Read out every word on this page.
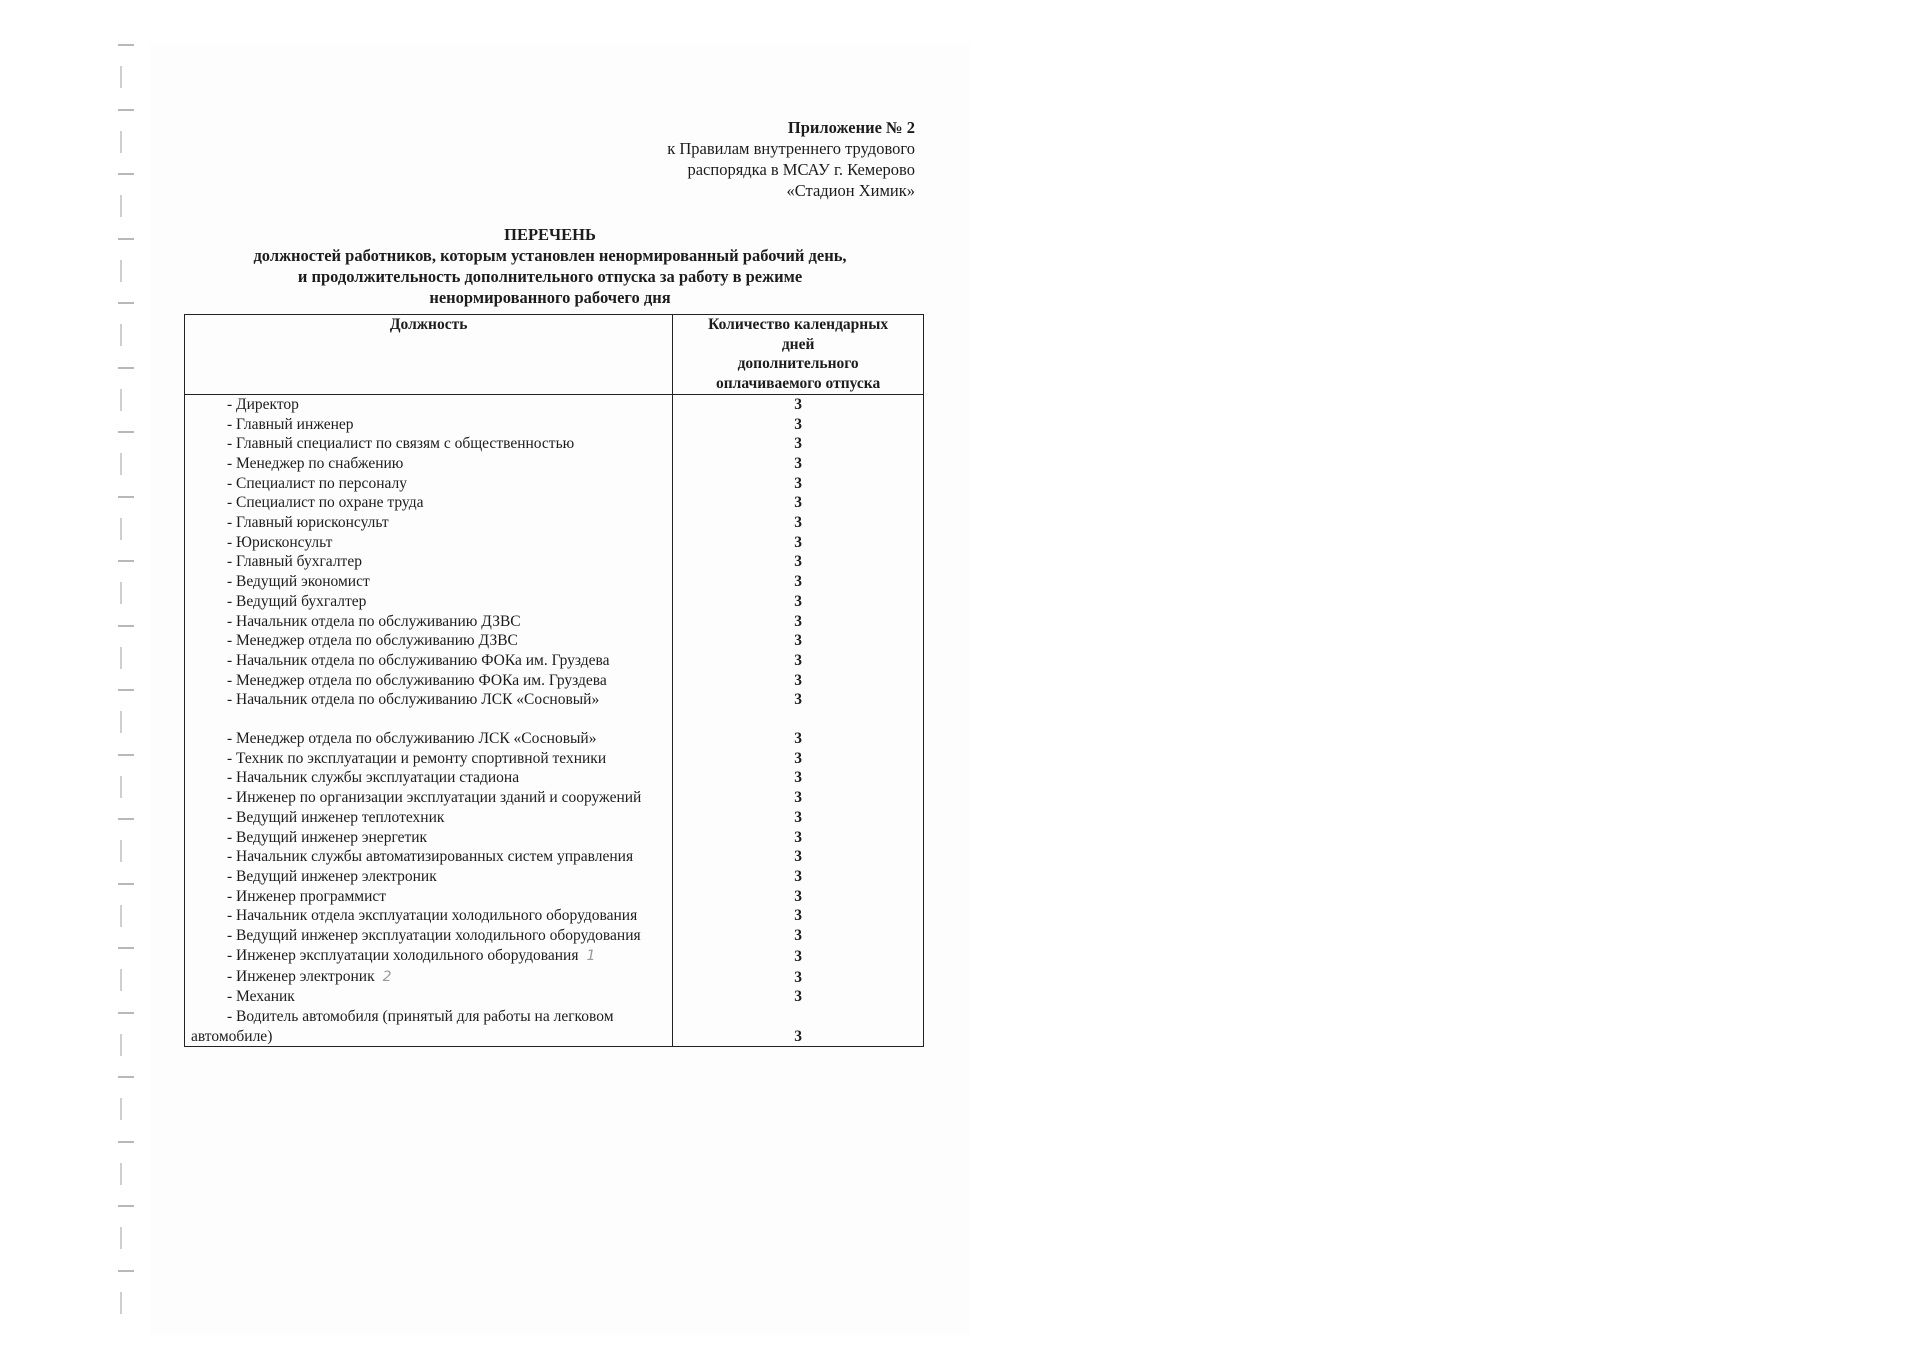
Приложение № 2
к Правилам внутреннего трудового
распорядка в МСАУ г. Кемерово
«Стадион Химик»
ПЕРЕЧЕНЬ
должностей работников, которым установлен ненормированный рабочий день,
и продолжительность дополнительного отпуска за работу в режиме
ненормированного рабочего дня
Должность	Количество календарных
дней
дополнительного
оплачиваемого отпуска

- Директор	3
- Главный инженер	3
- Главный специалист по связям с общественностью	3
- Менеджер по снабжению	3
- Специалист по персоналу	3
- Специалист по охране труда	3
- Главный юрисконсульт	3
- Юрисконсульт	3
- Главный бухгалтер	3
- Ведущий экономист	3
- Ведущий бухгалтер	3
- Начальник отдела по обслуживанию ДЗВС	3
- Менеджер отдела по обслуживанию ДЗВС	3
- Начальник отдела по обслуживанию ФОКа им. Груздева	3
- Менеджер отдела по обслуживанию ФОКа им. Груздева	3
- Начальник отдела по обслуживанию ЛСК «Сосновый»	3

- Менеджер отдела по обслуживанию ЛСК «Сосновый»	3
- Техник по эксплуатации и ремонту спортивной техники	3
- Начальник службы эксплуатации стадиона	3
- Инженер по организации эксплуатации зданий и сооружений	3
- Ведущий инженер теплотехник	3
- Ведущий инженер энергетик	3
- Начальник службы автоматизированных систем управления	3
- Ведущий инженер электроник	3
- Инженер программист	3
- Начальник отдела эксплуатации холодильного оборудования	3
- Ведущий инженер эксплуатации холодильного оборудования	3
- Инженер эксплуатации холодильного оборудования 1	3
- Инженер электроник 2	3
- Механик	3
- Водитель автомобиля (принятый для работы на легковом автомобиле)	3
